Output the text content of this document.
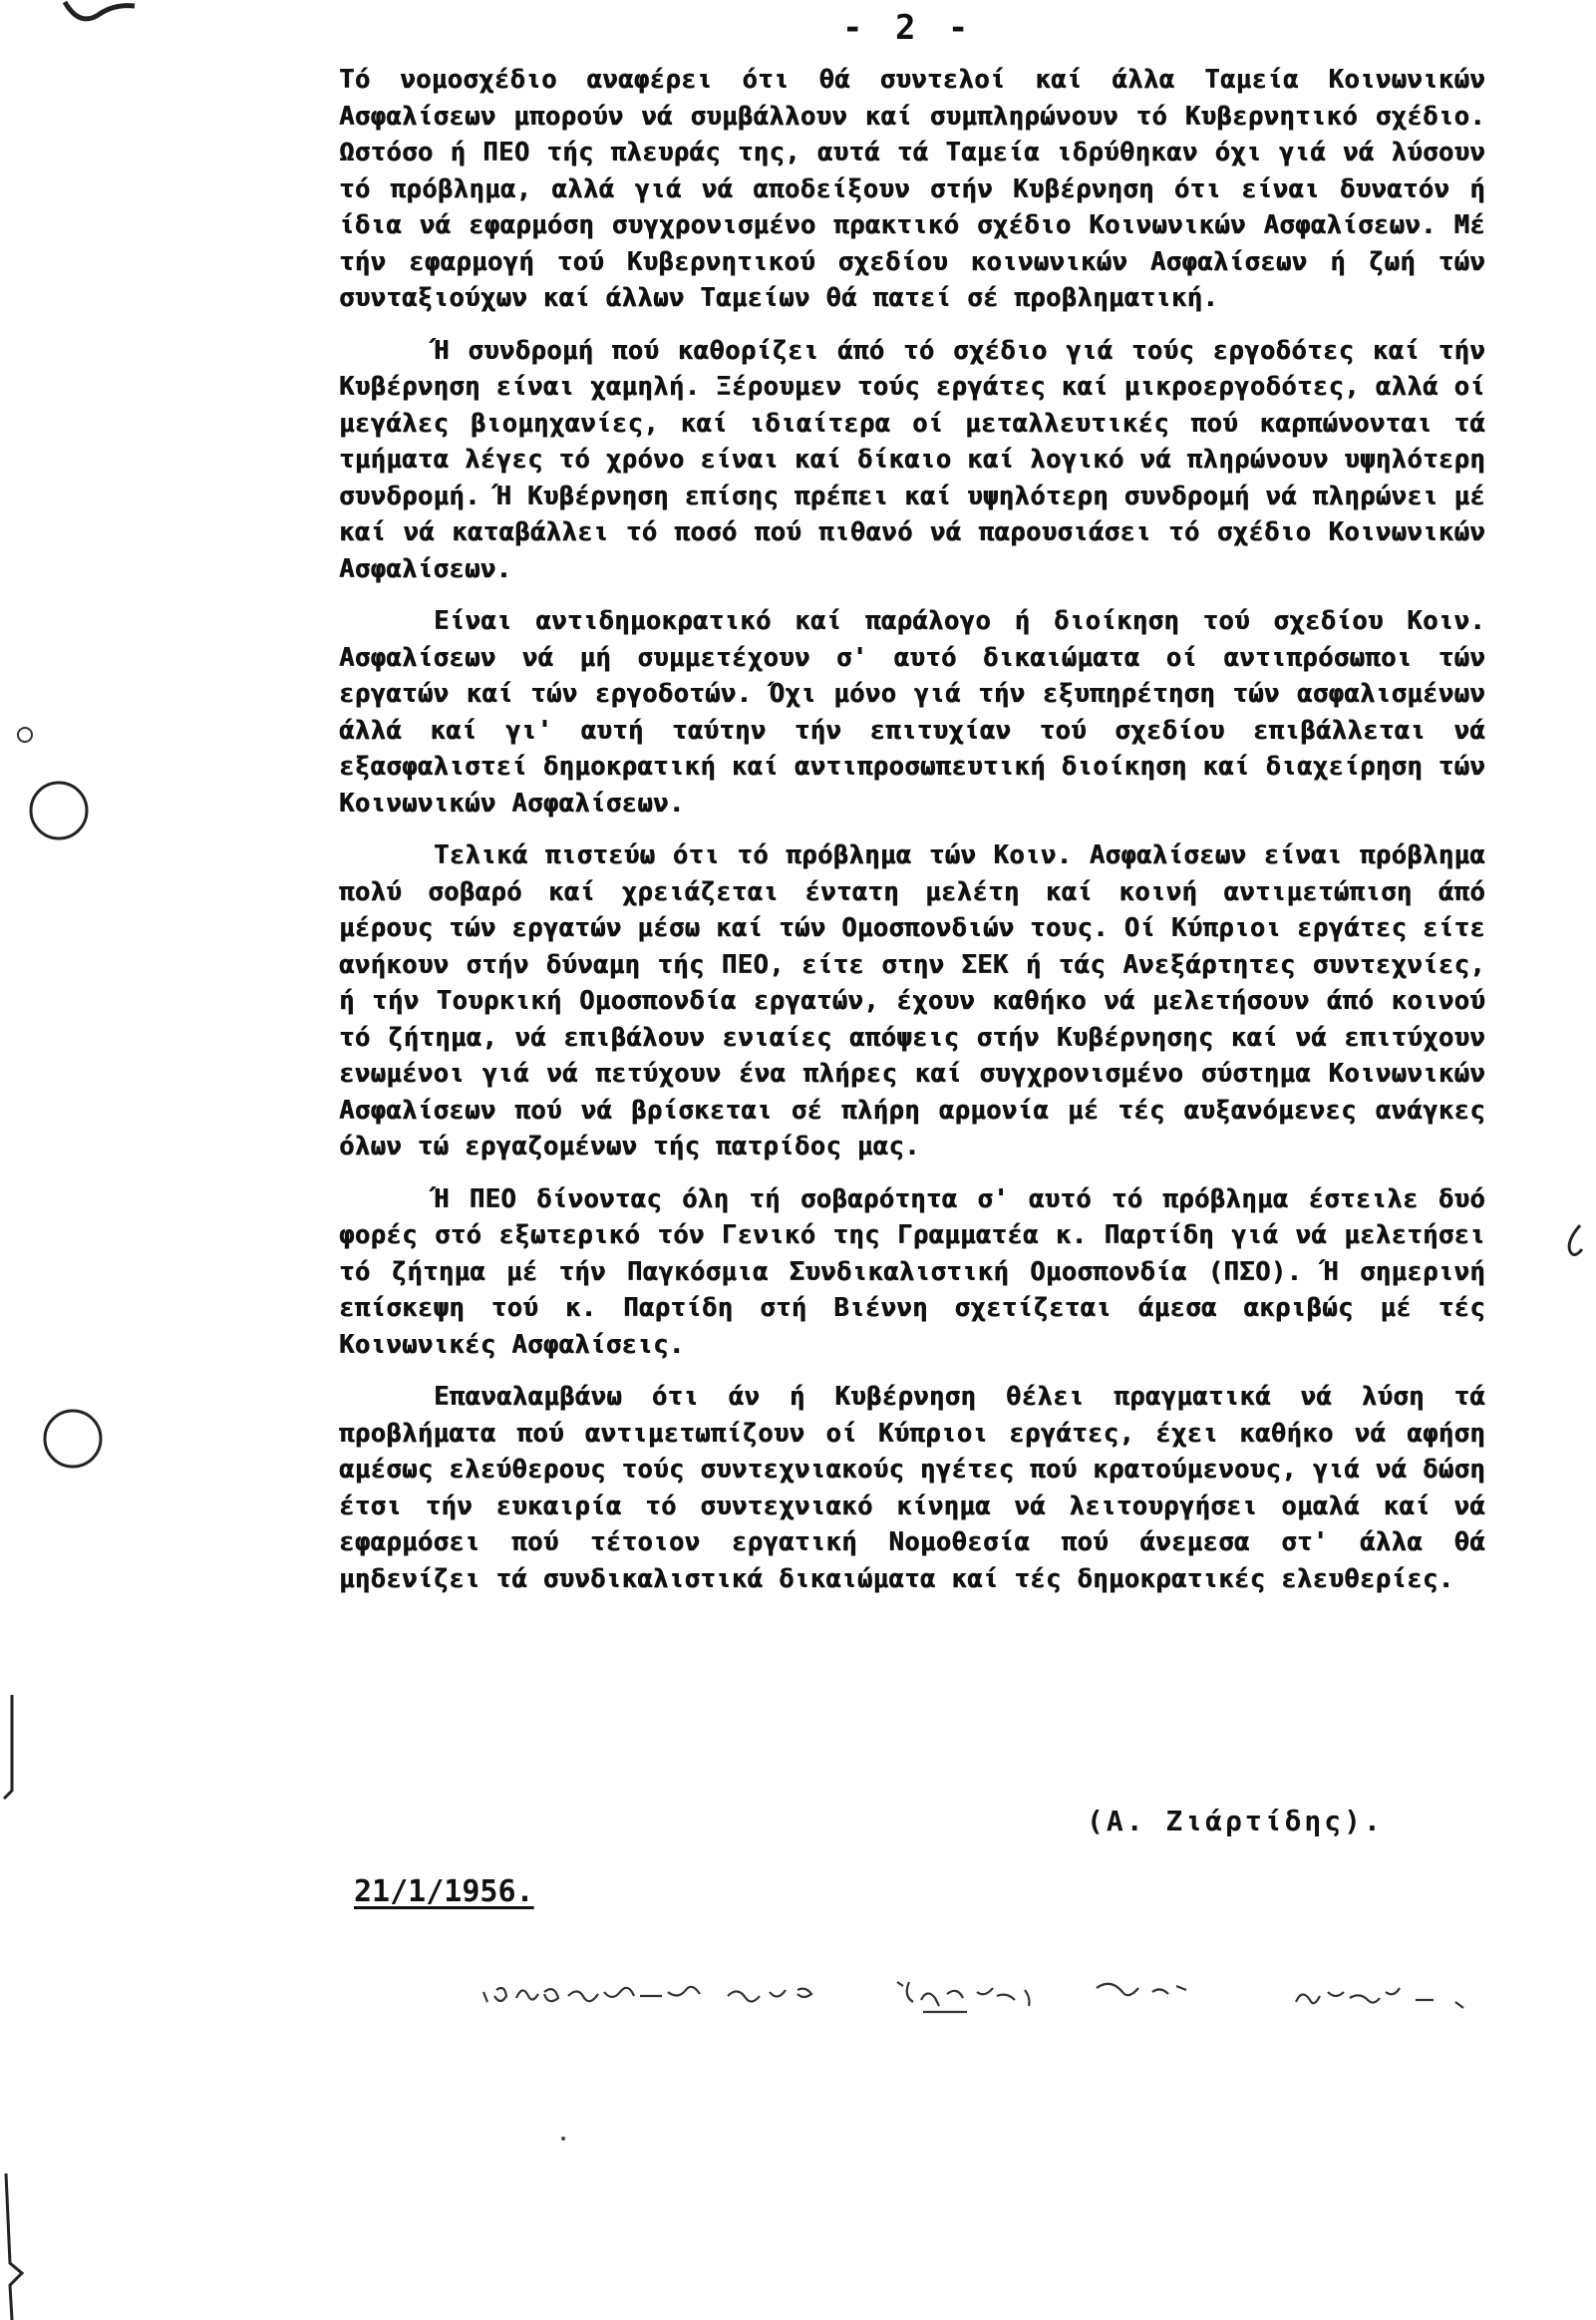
- 2 -

Τό νομοσχέδιο αναφέρει ότι θά συντελοί καί άλλα Ταμεία Κοινωνικών Ασφαλίσεων μπορούν νά συμβάλλουν καί συμπληρώνουν τό Κυβερνητικό σχέδιο. Ωστόσο ή ΠΕΟ τής πλευράς της, αυτά τά Ταμεία ιδρύθηκαν όχι γιά νά λύσουν τό πρόβλημα, αλλά γιά νά αποδείξουν στήν Κυβέρνηση ότι είναι δυνατόν ή ίδια νά εφαρμόση συγχρονισμένο πρακτικό σχέδιο Κοινωνικών Ασφαλίσεων. Μέ τήν εφαρμογή τού Κυβερνητικού σχεδίου κοινωνικών Ασφαλίσεων ή ζωή τών συνταξιούχων καί άλλων Ταμείων θά πατεί σέ προβληματική.

Ή συνδρομή πού καθορίζει άπό τό σχέδιο γιά τούς εργοδότες καί τήν Κυβέρνηση είναι χαμηλή. Ξέρουμεν τούς εργάτες καί μικροεργοδότες, αλλά οί μεγάλες βιομηχανίες, καί ιδιαίτερα οί μεταλλευτικές πού καρπώνονται τά τμήματα λέγες τό χρόνο είναι καί δίκαιο καί λογικό νά πληρώνουν υψηλότερη συνδρομή. Ή Κυβέρνηση επίσης πρέπει καί υψηλότερη συνδρομή νά πληρώνει μέ καί νά καταβάλλει τό ποσό πού πιθανό νά παρουσιάσει τό σχέδιο Κοινωνικών Ασφαλίσεων.

Είναι αντιδημοκρατικό καί παράλογο ή διοίκηση τού σχεδίου Κοιν. Ασφαλίσεων νά μή συμμετέχουν σ' αυτό δικαιώματα οί αντιπρόσωποι τών εργατών καί τών εργοδοτών. Όχι μόνο γιά τήν εξυπηρέτηση τών ασφαλισμένων άλλά καί γι' αυτή ταύτην τήν επιτυχίαν τού σχεδίου επιβάλλεται νά εξασφαλιστεί δημοκρατική καί αντιπροσωπευτική διοίκηση καί διαχείρηση τών Κοινωνικών Ασφαλίσεων.

Τελικά πιστεύω ότι τό πρόβλημα τών Κοιν. Ασφαλίσεων είναι πρόβλημα πολύ σοβαρό καί χρειάζεται έντατη μελέτη καί κοινή αντιμετώπιση άπό μέρους τών εργατών μέσω καί τών Ομοσπονδιών τους. Οί Κύπριοι εργάτες είτε ανήκουν στήν δύναμη τής ΠΕΟ, είτε στην ΣΕΚ ή τάς Ανεξάρτητες συντεχνίες, ή τήν Τουρκική Ομοσπονδία εργατών, έχουν καθήκο νά μελετήσουν άπό κοινού τό ζήτημα, νά επιβάλουν ενιαίες απόψεις στήν Κυβέρνησης καί νά επιτύχουν ενωμένοι γιά νά πετύχουν ένα πλήρες καί συγχρονισμένο σύστημα Κοινωνικών Ασφαλίσεων πού νά βρίσκεται σέ πλήρη αρμονία μέ τές αυξανόμενες ανάγκες όλων τώ εργαζομένων τής πατρίδος μας.

Ή ΠΕΟ δίνοντας όλη τή σοβαρότητα σ' αυτό τό πρόβλημα έστειλε δυό φορές στό εξωτερικό τόν Γενικό της Γραμματέα κ. Παρτίδη γιά νά μελετήσει τό ζήτημα μέ τήν Παγκόσμια Συνδικαλιστική Ομοσπονδία (ΠΣΟ). Ή σημερινή επίσκεψη τού κ. Παρτίδη στή Βιέννη σχετίζεται άμεσα ακριβώς μέ τές Κοινωνικές Ασφαλίσεις.

Επαναλαμβάνω ότι άν ή Κυβέρνηση θέλει πραγματικά νά λύση τά προβλήματα πού αντιμετωπίζουν οί Κύπριοι εργάτες, έχει καθήκο νά αφήση αμέσως ελεύθερους τούς συντεχνιακούς ηγέτες πού κρατούμενους, γιά νά δώση έτσι τήν ευκαιρία τό συντεχνιακό κίνημα νά λειτουργήσει ομαλά καί νά εφαρμόσει πού τέτοιον εργατική Νομοθεσία πού άνεμεσα στ' άλλα θά μηδενίζει τά συνδικαλιστικά δικαιώματα καί τές δημοκρατικές ελευθερίες.

(Α. Ζιάρτίδης).
21/1/1956.
